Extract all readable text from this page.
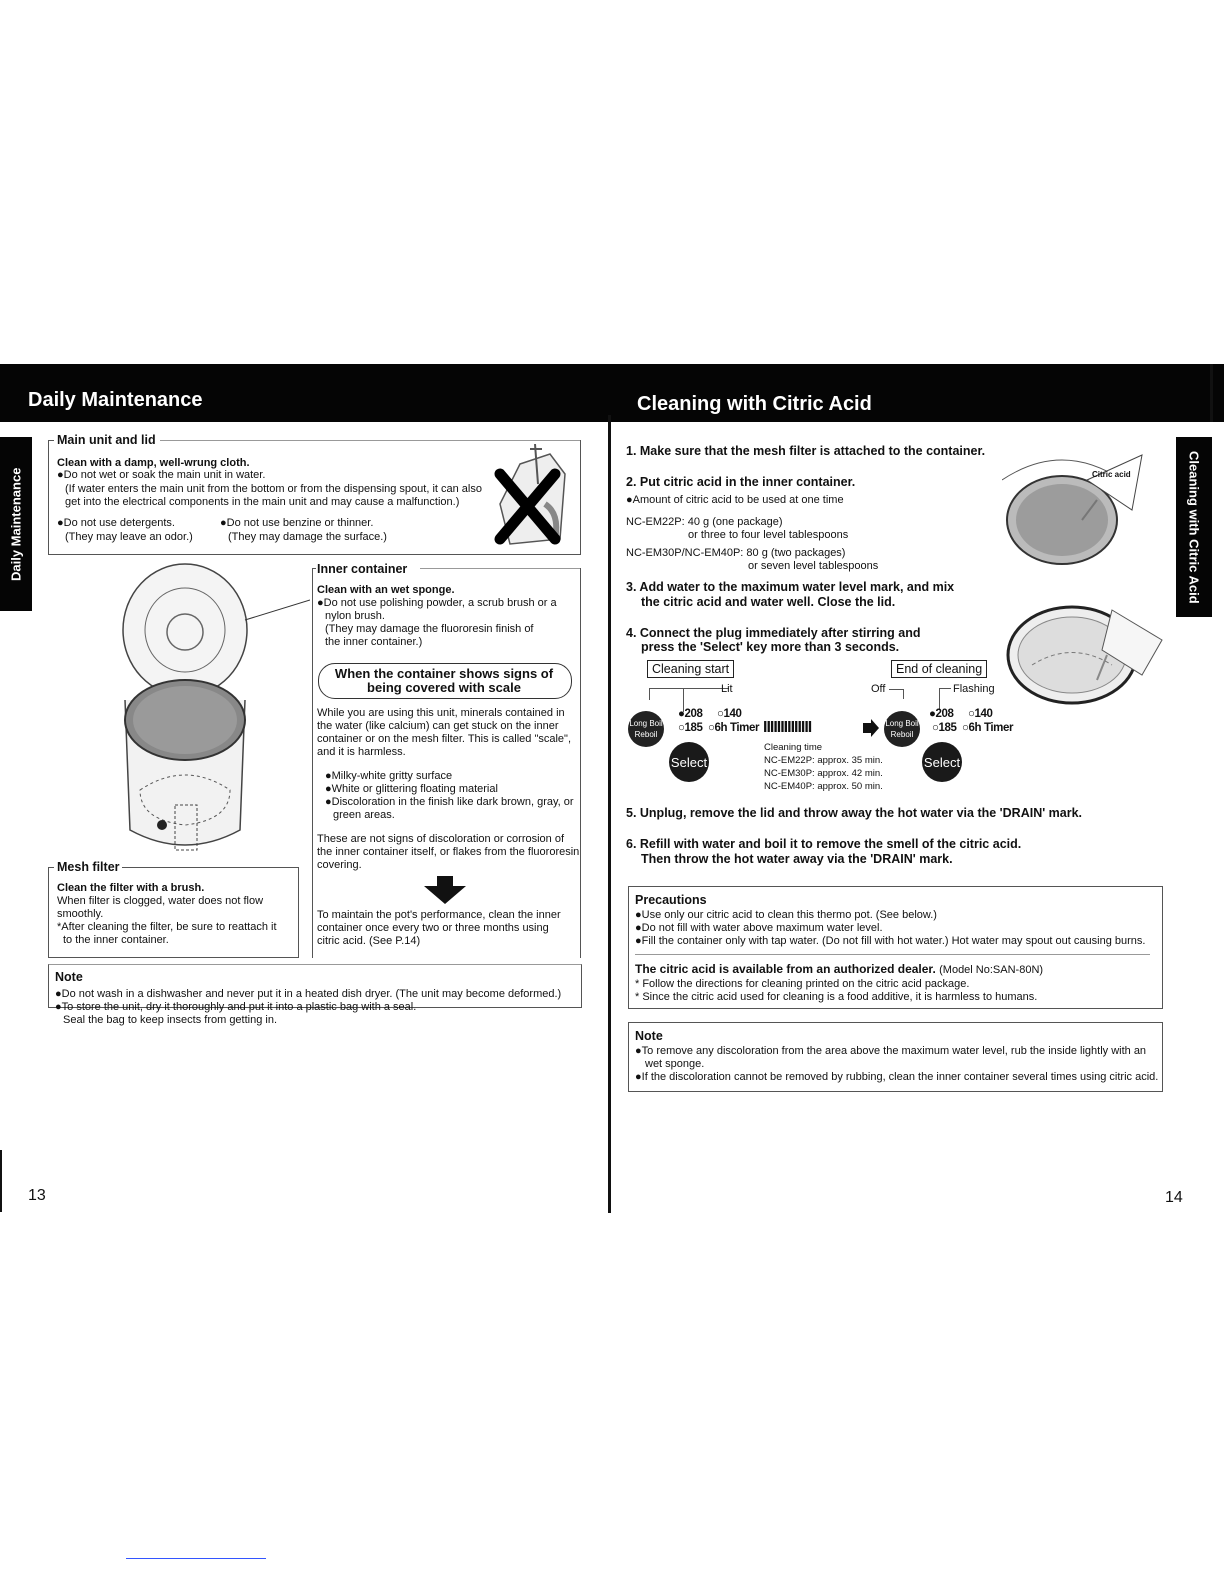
Daily Maintenance	Cleaning with Citric Acid
Daily Maintenance	Cleaning with Citric Acid
Main unit and lid
Clean with a damp, well-wrung cloth.
●Do not wet or soak the main unit in water.
(If water enters the main unit from the bottom or from the dispensing spout, it can also
get into the electrical components in the main unit and may cause a malfunction.)
●Do not use detergents.
(They may leave an odor.)
●Do not use benzine or thinner.
(They may damage the surface.)
Inner container
Clean with an wet sponge.
●Do not use polishing powder, a scrub brush or a
nylon brush.
(They may damage the fluororesin finish of
the inner container.)
When the container shows signs of
being covered with scale
While you are using this unit, minerals contained in
the water (like calcium) can get stuck on the inner
container or on the mesh filter. This is called "scale",
and it is harmless.
●Milky-white gritty surface
●White or glittering floating material
●Discoloration in the finish like dark brown, gray, or
green areas.
These are not signs of discoloration or corrosion of
the inner container itself, or flakes from the fluororesin
covering.
To maintain the pot's performance, clean the inner
container once every two or three months using
citric acid. (See P.14)
Mesh filter
Clean the filter with a brush.
When filter is clogged, water does not flow
smoothly.
*After cleaning the filter, be sure to reattach it
to the inner container.
Note
●Do not wash in a dishwasher and never put it in a heated dish dryer. (The unit may become deformed.)
●To store the unit, dry it thoroughly and put it into a plastic bag with a seal.
Seal the bag to keep insects from getting in.
13
1. Make sure that the mesh filter is attached to the container.
2. Put citric acid in the inner container.
●Amount of citric acid to be used at one time
NC-EM22P: 40 g (one package)
or three to four level tablespoons
NC-EM30P/NC-EM40P: 80 g (two packages)
or seven level tablespoons
3. Add water to the maximum water level mark, and mix
the citric acid and water well. Close the lid.
4. Connect the plug immediately after stirring and
press the 'Select' key more than 3 seconds.
Citric acid
Cleaning start	End of cleaning
Lit	Off	Flashing
Long Boil
Reboil
●208 ○140
○185 ○6h Timer IIIIIIIIIIIIII	Long Boil
Reboil
●208 ○140
○185 ○6h Timer
Select	Select
Cleaning time
NC-EM22P: approx. 35 min.
NC-EM30P: approx. 42 min.
NC-EM40P: approx. 50 min.
5. Unplug, remove the lid and throw away the hot water via the 'DRAIN' mark.
6. Refill with water and boil it to remove the smell of the citric acid.
Then throw the hot water away via the 'DRAIN' mark.
Precautions
●Use only our citric acid to clean this thermo pot. (See below.)
●Do not fill with water above maximum water level.
●Fill the container only with tap water. (Do not fill with hot water.) Hot water may spout out causing burns.
The citric acid is available from an authorized dealer. (Model No:SAN-80N)
* Follow the directions for cleaning printed on the citric acid package.
* Since the citric acid used for cleaning is a food additive, it is harmless to humans.
Note
●To remove any discoloration from the area above the maximum water level, rub the inside lightly with an
wet sponge.
●If the discoloration cannot be removed by rubbing, clean the inner container several times using citric acid.
14
